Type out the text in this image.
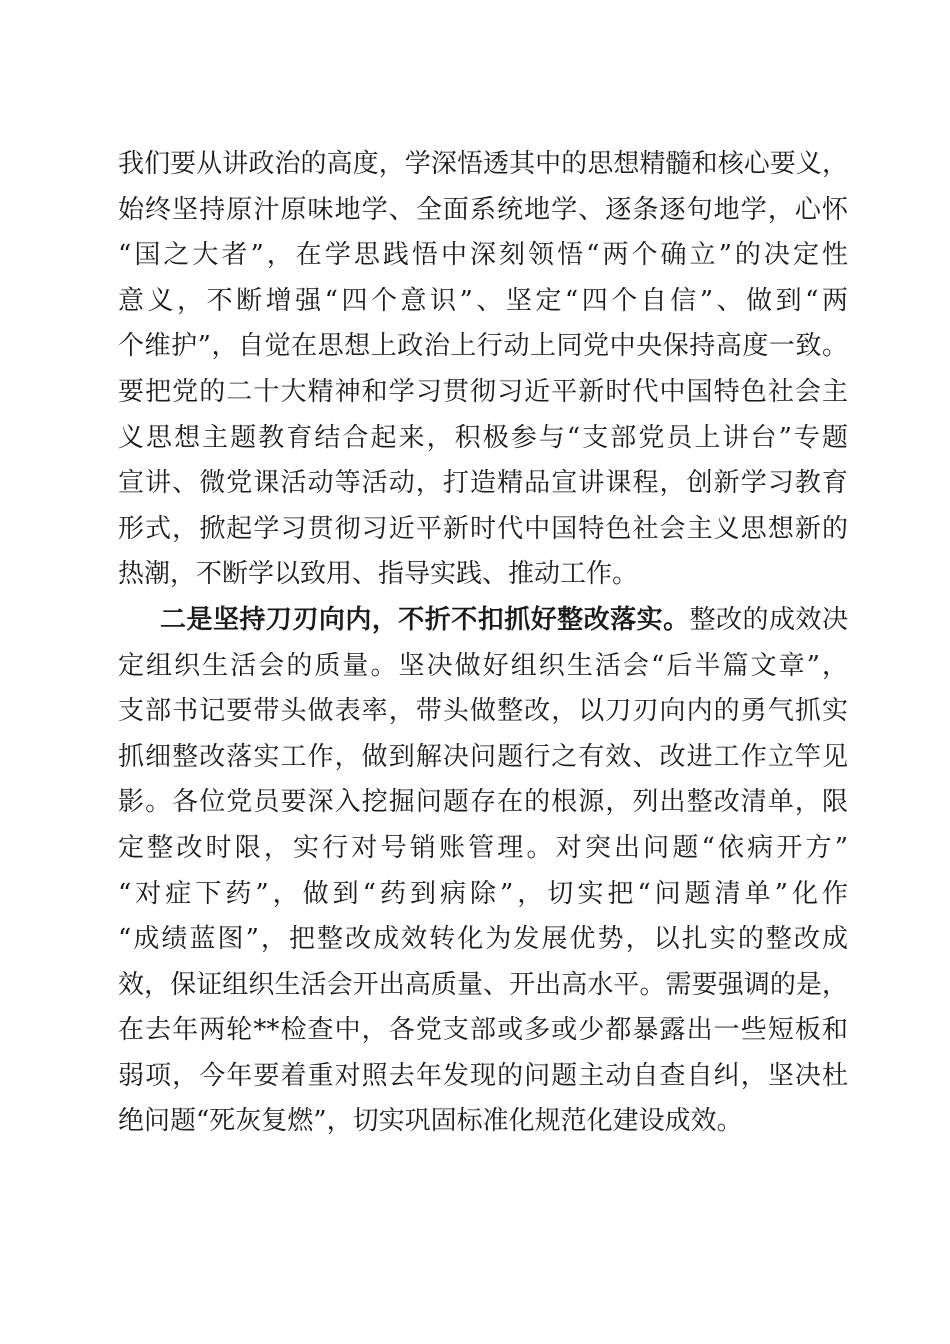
我们要从讲政治的高度，学深悟透其中的思想精髓和核心要义，
始终坚持原汁原味地学、全面系统地学、逐条逐句地学，心怀
“国之大者”，在学思践悟中深刻领悟“两个确立”的决定性
意义，不断增强“四个意识”、坚定“四个自信”、做到“两
个维护”，自觉在思想上政治上行动上同党中央保持高度一致。
要把党的二十大精神和学习贯彻习近平新时代中国特色社会主
义思想主题教育结合起来，积极参与“支部党员上讲台”专题
宣讲、微党课活动等活动，打造精品宣讲课程，创新学习教育
形式，掀起学习贯彻习近平新时代中国特色社会主义思想新的
热潮，不断学以致用、指导实践、推动工作。
二是坚持刀刃向内，不折不扣抓好整改落实。整改的成效决
定组织生活会的质量。坚决做好组织生活会“后半篇文章”，
支部书记要带头做表率，带头做整改，以刀刃向内的勇气抓实
抓细整改落实工作，做到解决问题行之有效、改进工作立竿见
影。各位党员要深入挖掘问题存在的根源，列出整改清单，限
定整改时限，实行对号销账管理。对突出问题“依病开方”
“对症下药”，做到“药到病除”，切实把“问题清单”化作
“成绩蓝图”，把整改成效转化为发展优势，以扎实的整改成
效，保证组织生活会开出高质量、开出高水平。需要强调的是，
在去年两轮**检查中，各党支部或多或少都暴露出一些短板和
弱项，今年要着重对照去年发现的问题主动自查自纠，坚决杜
绝问题“死灰复燃”，切实巩固标准化规范化建设成效。
